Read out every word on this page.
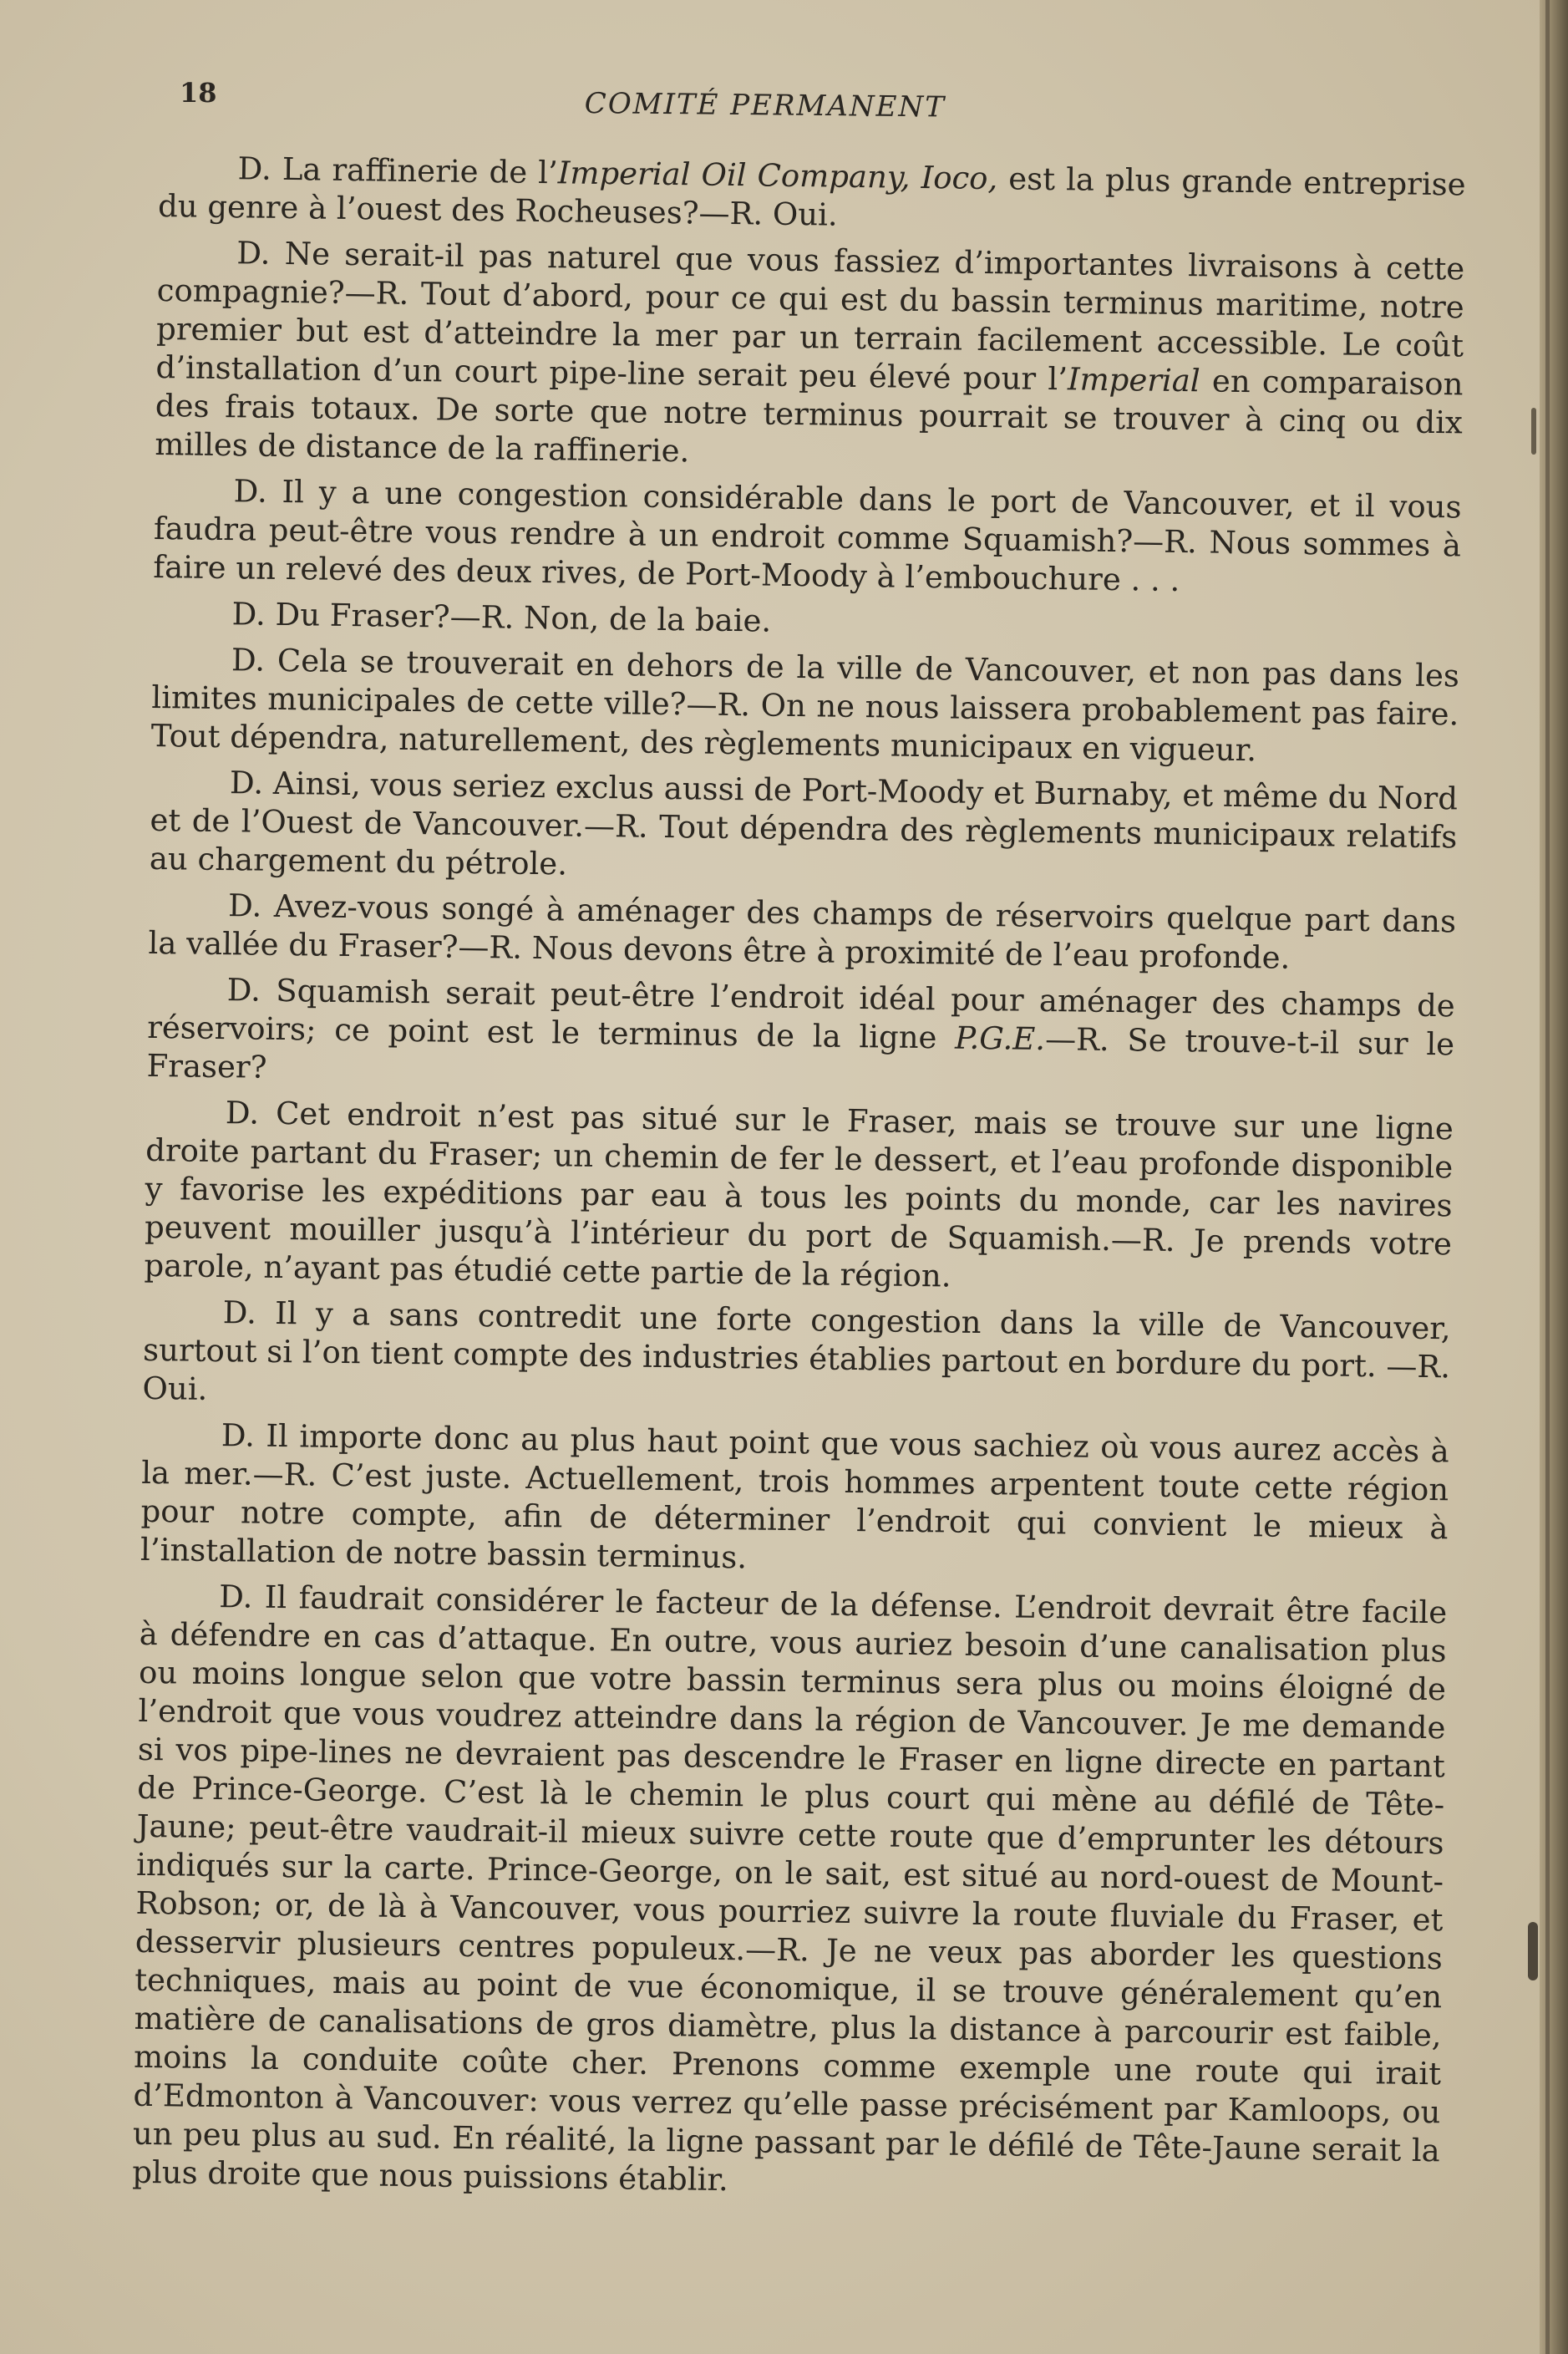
18	COMITÉ PERMANENT

D. La raffinerie de l’Imperial Oil Company, Ioco, est la plus grande entreprise du genre à l’ouest des Rocheuses?—R. Oui.

D. Ne serait-il pas naturel que vous fassiez d’importantes livraisons à cette compagnie?—R. Tout d’abord, pour ce qui est du bassin terminus maritime, notre premier but est d’atteindre la mer par un terrain facilement accessible. Le coût d’installation d’un court pipe-line serait peu élevé pour l’Imperial en comparaison des frais totaux. De sorte que notre terminus pourrait se trouver à cinq ou dix milles de distance de la raffinerie.

D. Il y a une congestion considérable dans le port de Vancouver, et il vous faudra peut-être vous rendre à un endroit comme Squamish?—R. Nous sommes à faire un relevé des deux rives, de Port-Moody à l’embouchure . . .

D. Du Fraser?—R. Non, de la baie.

D. Cela se trouverait en dehors de la ville de Vancouver, et non pas dans les limites municipales de cette ville?—R. On ne nous laissera probablement pas faire. Tout dépendra, naturellement, des règlements municipaux en vigueur.

D. Ainsi, vous seriez exclus aussi de Port-Moody et Burnaby, et même du Nord et de l’Ouest de Vancouver.—R. Tout dépendra des règlements municipaux relatifs au chargement du pétrole.

D. Avez-vous songé à aménager des champs de réservoirs quelque part dans la vallée du Fraser?—R. Nous devons être à proximité de l’eau profonde.

D. Squamish serait peut-être l’endroit idéal pour aménager des champs de réservoirs; ce point est le terminus de la ligne P.G.E.—R. Se trouve-t-il sur le Fraser?

D. Cet endroit n’est pas situé sur le Fraser, mais se trouve sur une ligne droite partant du Fraser; un chemin de fer le dessert, et l’eau profonde disponible y favorise les expéditions par eau à tous les points du monde, car les navires peuvent mouiller jusqu’à l’intérieur du port de Squamish.—R. Je prends votre parole, n’ayant pas étudié cette partie de la région.

D. Il y a sans contredit une forte congestion dans la ville de Vancouver, surtout si l’on tient compte des industries établies partout en bordure du port. —R. Oui.

D. Il importe donc au plus haut point que vous sachiez où vous aurez accès à la mer.—R. C’est juste. Actuellement, trois hommes arpentent toute cette région pour notre compte, afin de déterminer l’endroit qui convient le mieux à l’installation de notre bassin terminus.

D. Il faudrait considérer le facteur de la défense. L’endroit devrait être facile à défendre en cas d’attaque. En outre, vous auriez besoin d’une canalisation plus ou moins longue selon que votre bassin terminus sera plus ou moins éloigné de l’endroit que vous voudrez atteindre dans la région de Vancouver. Je me demande si vos pipe-lines ne devraient pas descendre le Fraser en ligne directe en partant de Prince-George. C’est là le chemin le plus court qui mène au défilé de Tête-Jaune; peut-être vaudrait-il mieux suivre cette route que d’emprunter les détours indiqués sur la carte. Prince-George, on le sait, est situé au nord-ouest de Mount-Robson; or, de là à Vancouver, vous pourriez suivre la route fluviale du Fraser, et desservir plusieurs centres populeux.—R. Je ne veux pas aborder les questions techniques, mais au point de vue économique, il se trouve généralement qu’en matière de canalisations de gros diamètre, plus la distance à parcourir est faible, moins la conduite coûte cher. Prenons comme exemple une route qui irait d’Edmonton à Vancouver: vous verrez qu’elle passe précisément par Kamloops, ou un peu plus au sud. En réalité, la ligne passant par le défilé de Tête-Jaune serait la plus droite que nous puissions établir.
